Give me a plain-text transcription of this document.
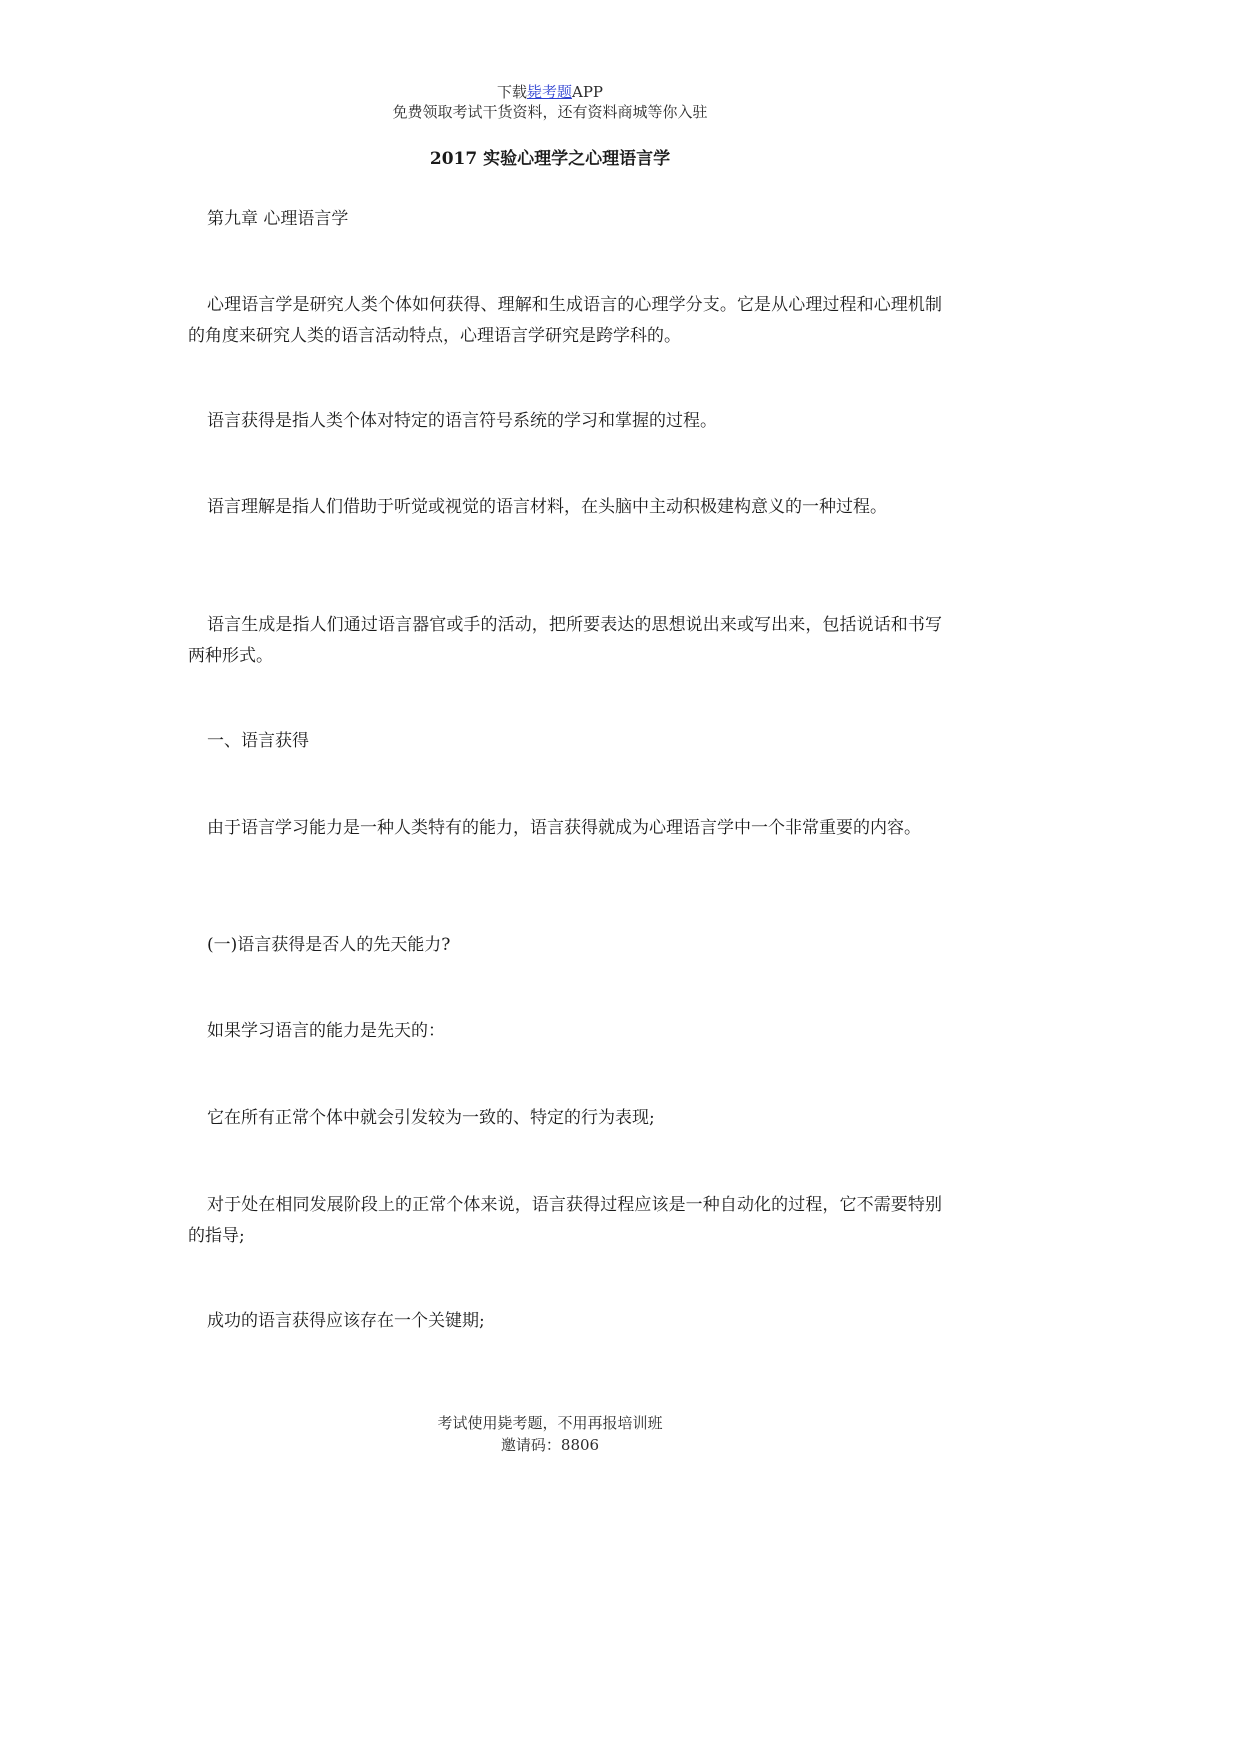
下载毙考题APP
免费领取考试干货资料，还有资料商城等你入驻
2017 实验心理学之心理语言学

第九章 心理语言学

心理语言学是研究人类个体如何获得、理解和生成语言的心理学分支。它是从心理过程和心理机制的角度来研究人类的语言活动特点，心理语言学研究是跨学科的。

语言获得是指人类个体对特定的语言符号系统的学习和掌握的过程。

语言理解是指人们借助于听觉或视觉的语言材料，在头脑中主动积极建构意义的一种过程。

语言生成是指人们通过语言器官或手的活动，把所要表达的思想说出来或写出来，包括说话和书写两种形式。

一、语言获得

由于语言学习能力是一种人类特有的能力，语言获得就成为心理语言学中一个非常重要的内容。

(一)语言获得是否人的先天能力?

如果学习语言的能力是先天的：

它在所有正常个体中就会引发较为一致的、特定的行为表现;

对于处在相同发展阶段上的正常个体来说，语言获得过程应该是一种自动化的过程，它不需要特别的指导;

成功的语言获得应该存在一个关键期;

考试使用毙考题，不用再报培训班
邀请码：8806
